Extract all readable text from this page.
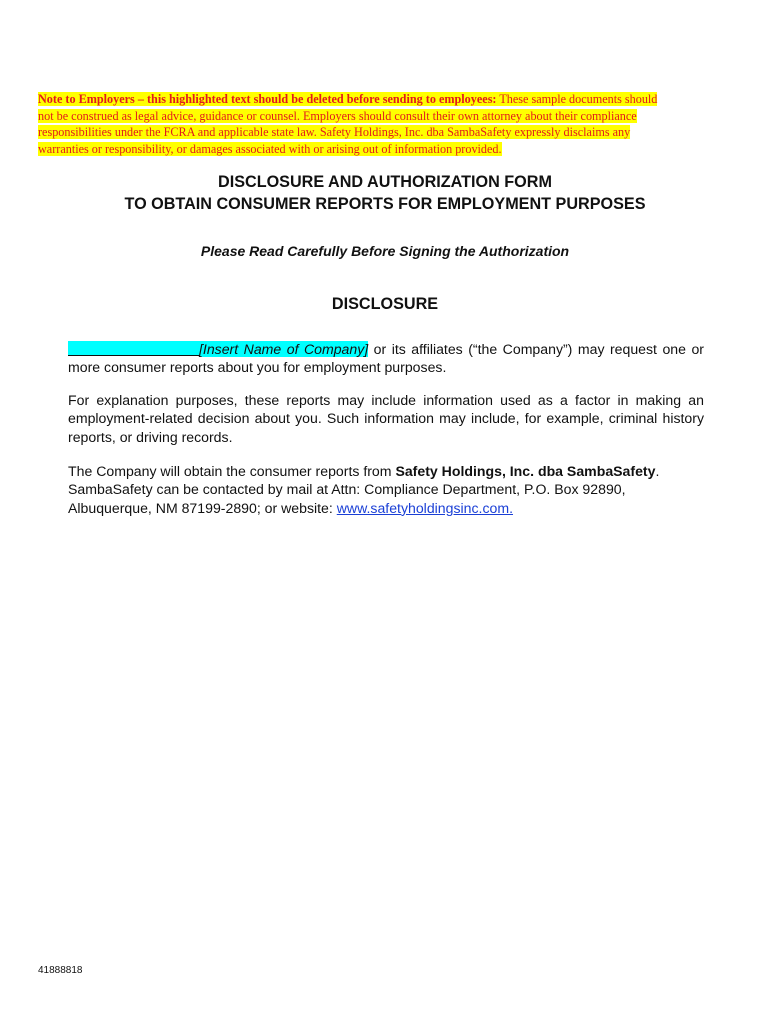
Note to Employers – this highlighted text should be deleted before sending to employees: These sample documents should not be construed as legal advice, guidance or counsel. Employers should consult their own attorney about their compliance responsibilities under the FCRA and applicable state law. Safety Holdings, Inc. dba SambaSafety expressly disclaims any warranties or responsibility, or damages associated with or arising out of information provided.
DISCLOSURE AND AUTHORIZATION FORM
TO OBTAIN CONSUMER REPORTS FOR EMPLOYMENT PURPOSES
Please Read Carefully Before Signing the Authorization
DISCLOSURE
[Insert Name of Company] or its affiliates (“the Company”) may request one or more consumer reports about you for employment purposes.
For explanation purposes, these reports may include information used as a factor in making an employment-related decision about you. Such information may include, for example, criminal history reports, or driving records.
The Company will obtain the consumer reports from Safety Holdings, Inc. dba SambaSafety. SambaSafety can be contacted by mail at Attn: Compliance Department, P.O. Box 92890, Albuquerque, NM 87199-2890; or website: www.safetyholdingsinc.com.
41888818
